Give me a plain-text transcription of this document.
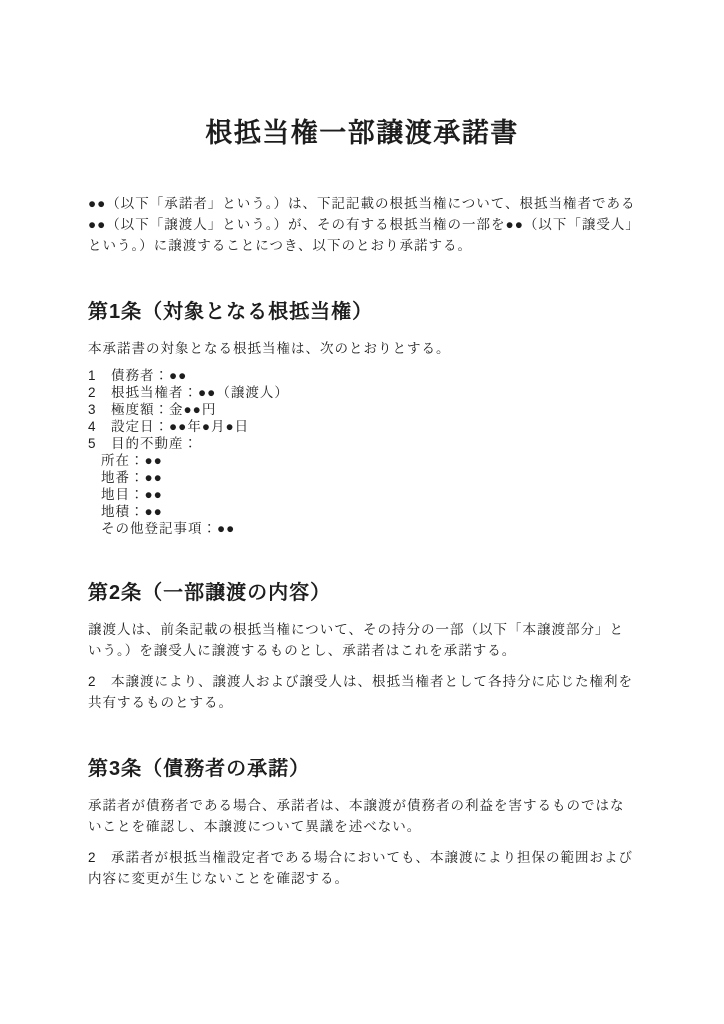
根抵当権一部譲渡承諾書

●●（以下「承諾者」という。）は、下記記載の根抵当権について、根抵当権者である●●（以下「譲渡人」という。）が、その有する根抵当権の一部を●●（以下「譲受人」という。）に譲渡することにつき、以下のとおり承諾する。

第1条（対象となる根抵当権）

本承諾書の対象となる根抵当権は、次のとおりとする。

1　債務者：●●
2　根抵当権者：●●（譲渡人）
3　極度額：金●●円
4　設定日：●●年●月●日
5　目的不動産：
所在：●●
地番：●●
地目：●●
地積：●●
その他登記事項：●●
第2条（一部譲渡の内容）

譲渡人は、前条記載の根抵当権について、その持分の一部（以下「本譲渡部分」という。）を譲受人に譲渡するものとし、承諾者はこれを承諾する。

2　本譲渡により、譲渡人および譲受人は、根抵当権者として各持分に応じた権利を共有するものとする。

第3条（債務者の承諾）

承諾者が債務者である場合、承諾者は、本譲渡が債務者の利益を害するものではないことを確認し、本譲渡について異議を述べない。

2　承諾者が根抵当権設定者である場合においても、本譲渡により担保の範囲および内容に変更が生じないことを確認する。
